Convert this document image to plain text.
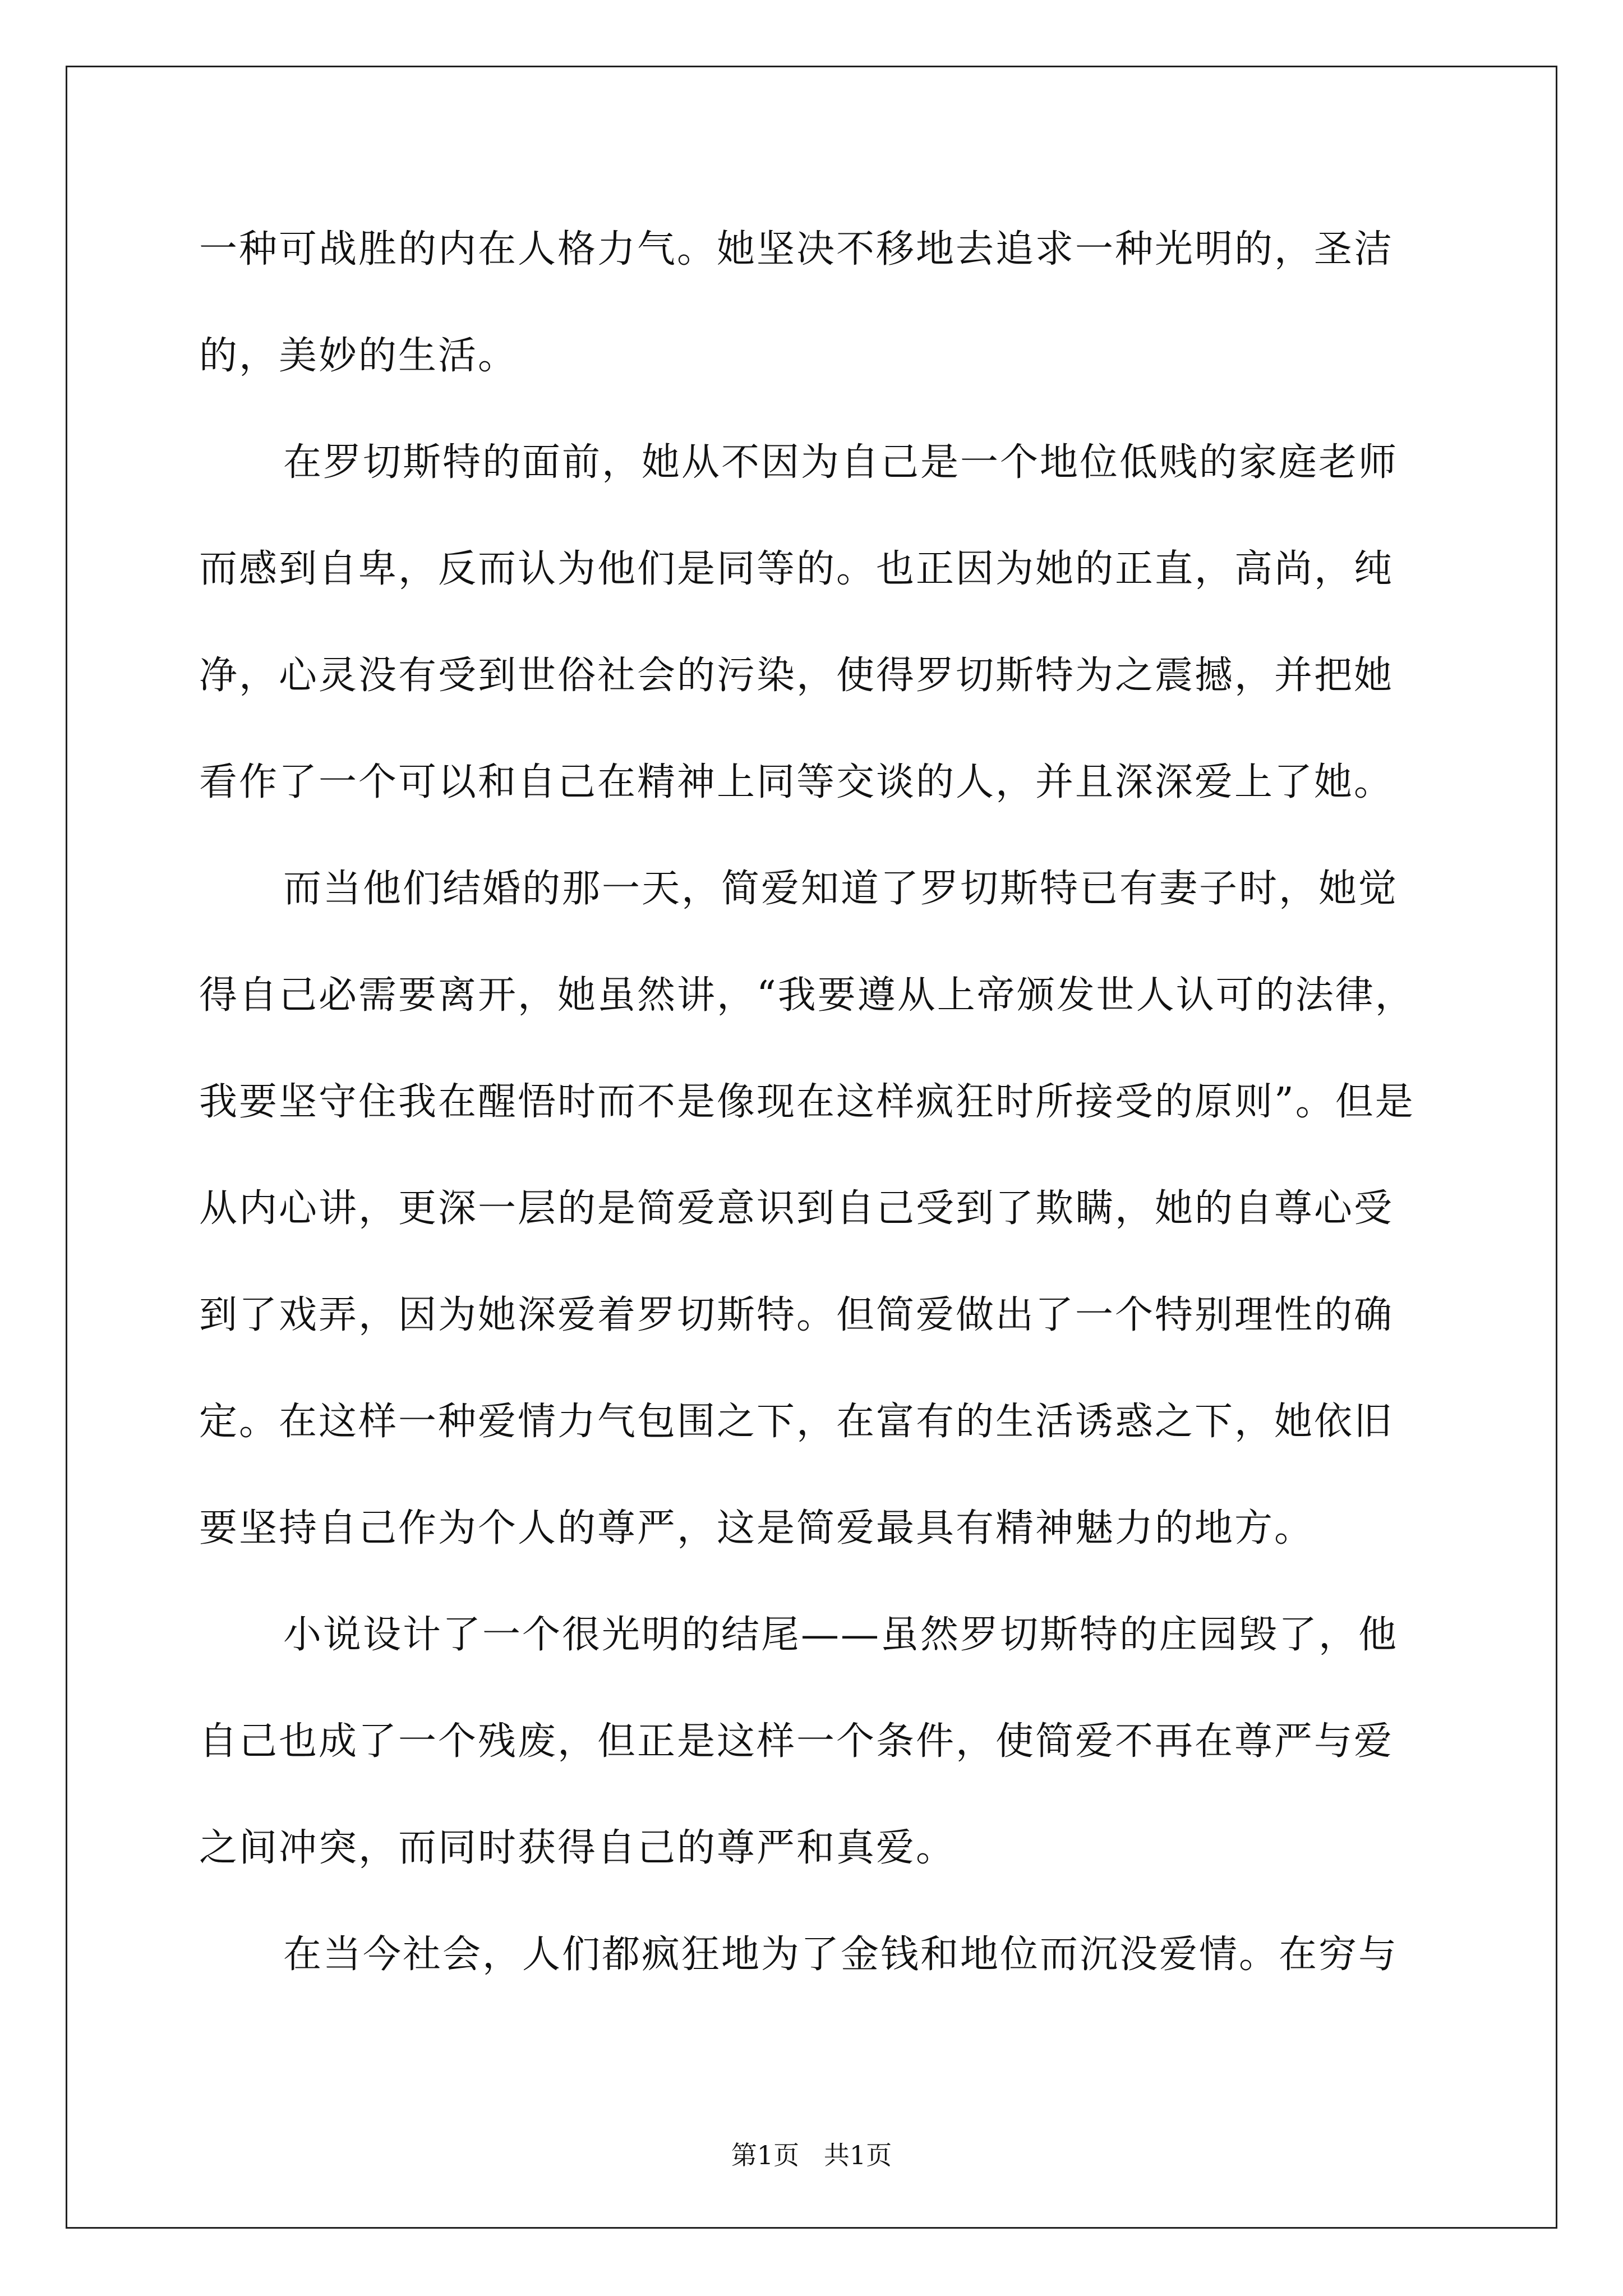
一种可战胜的内在人格力气。她坚决不移地去追求一种光明的，圣洁
的，美妙的生活。
在罗切斯特的面前，她从不因为自己是一个地位低贱的家庭老师
而感到自卑，反而认为他们是同等的。也正因为她的正直，高尚，纯
净，心灵没有受到世俗社会的污染，使得罗切斯特为之震撼，并把她
看作了一个可以和自己在精神上同等交谈的人，并且深深爱上了她。
而当他们结婚的那一天，简爱知道了罗切斯特已有妻子时，她觉
得自己必需要离开，她虽然讲，“我要遵从上帝颁发世人认可的法律，
我要坚守住我在醒悟时而不是像现在这样疯狂时所接受的原则”。但是
从内心讲，更深一层的是简爱意识到自己受到了欺瞒，她的自尊心受
到了戏弄，因为她深爱着罗切斯特。但简爱做出了一个特别理性的确
定。在这样一种爱情力气包围之下，在富有的生活诱惑之下，她依旧
要坚持自己作为个人的尊严，这是简爱最具有精神魅力的地方。
小说设计了一个很光明的结尾——虽然罗切斯特的庄园毁了，他
自己也成了一个残废，但正是这样一个条件，使简爱不再在尊严与爱
之间冲突，而同时获得自己的尊严和真爱。
在当今社会，人们都疯狂地为了金钱和地位而沉没爱情。在穷与
第1页   共1页
